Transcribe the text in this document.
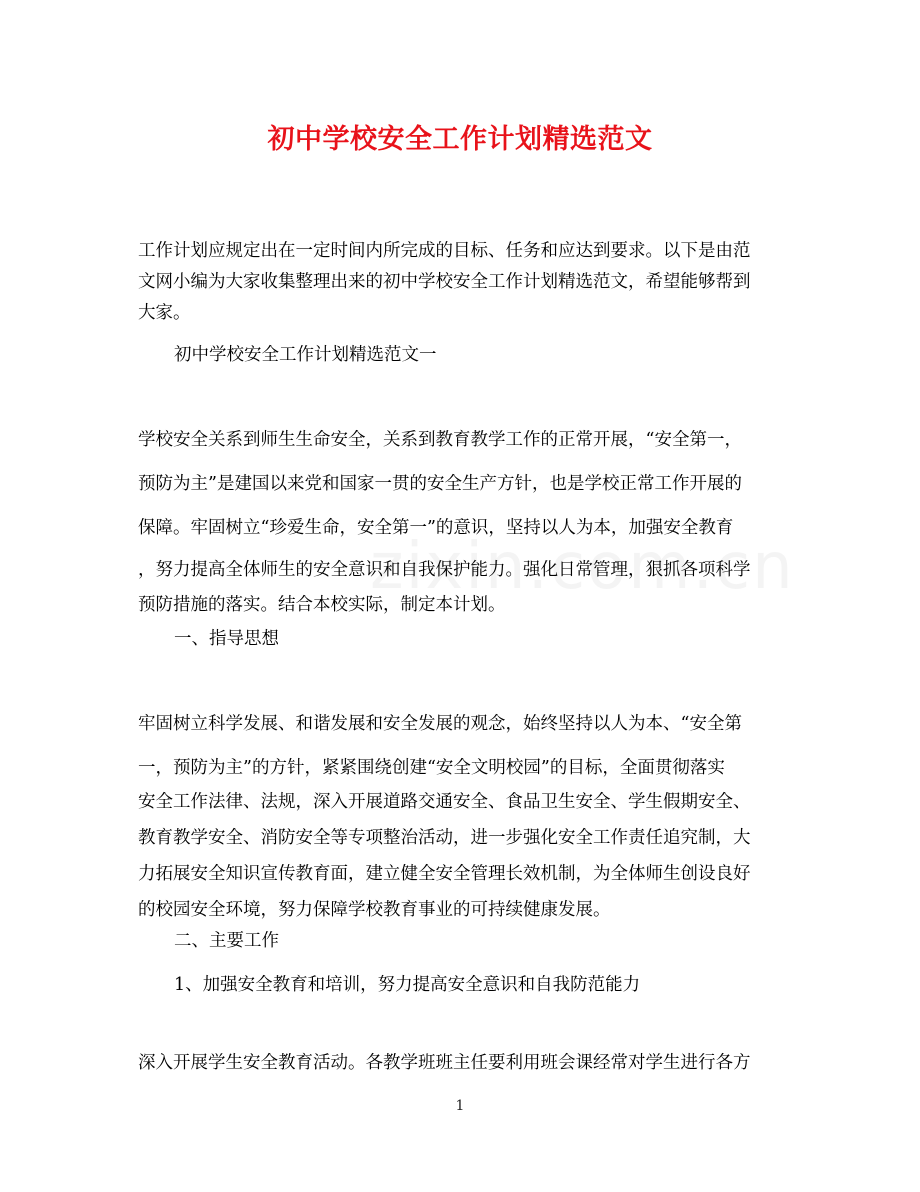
初中学校安全工作计划精选范文
工作计划应规定出在一定时间内所完成的目标、任务和应达到要求。以下是由范
文网小编为大家收集整理出来的初中学校安全工作计划精选范文，希望能够帮到
大家。
初中学校安全工作计划精选范文一
学校安全关系到师生生命安全，关系到教育教学工作的正常开展，“安全第一，
预防为主”是建国以来党和国家一贯的安全生产方针，也是学校正常工作开展的
保障。牢固树立“珍爱生命，安全第一”的意识，坚持以人为本，加强安全教育
，努力提高全体师生的安全意识和自我保护能力。强化日常管理，狠抓各项科学
预防措施的落实。结合本校实际，制定本计划。
一、指导思想
牢固树立科学发展、和谐发展和安全发展的观念，始终坚持以人为本、“安全第
一，预防为主”的方针，紧紧围绕创建“安全文明校园”的目标，全面贯彻落实
安全工作法律、法规，深入开展道路交通安全、食品卫生安全、学生假期安全、
教育教学安全、消防安全等专项整治活动，进一步强化安全工作责任追究制，大
力拓展安全知识宣传教育面，建立健全安全管理长效机制，为全体师生创设良好
的校园安全环境，努力保障学校教育事业的可持续健康发展。
二、主要工作
1、加强安全教育和培训，努力提高安全意识和自我防范能力
深入开展学生安全教育活动。各教学班班主任要利用班会课经常对学生进行各方
1
